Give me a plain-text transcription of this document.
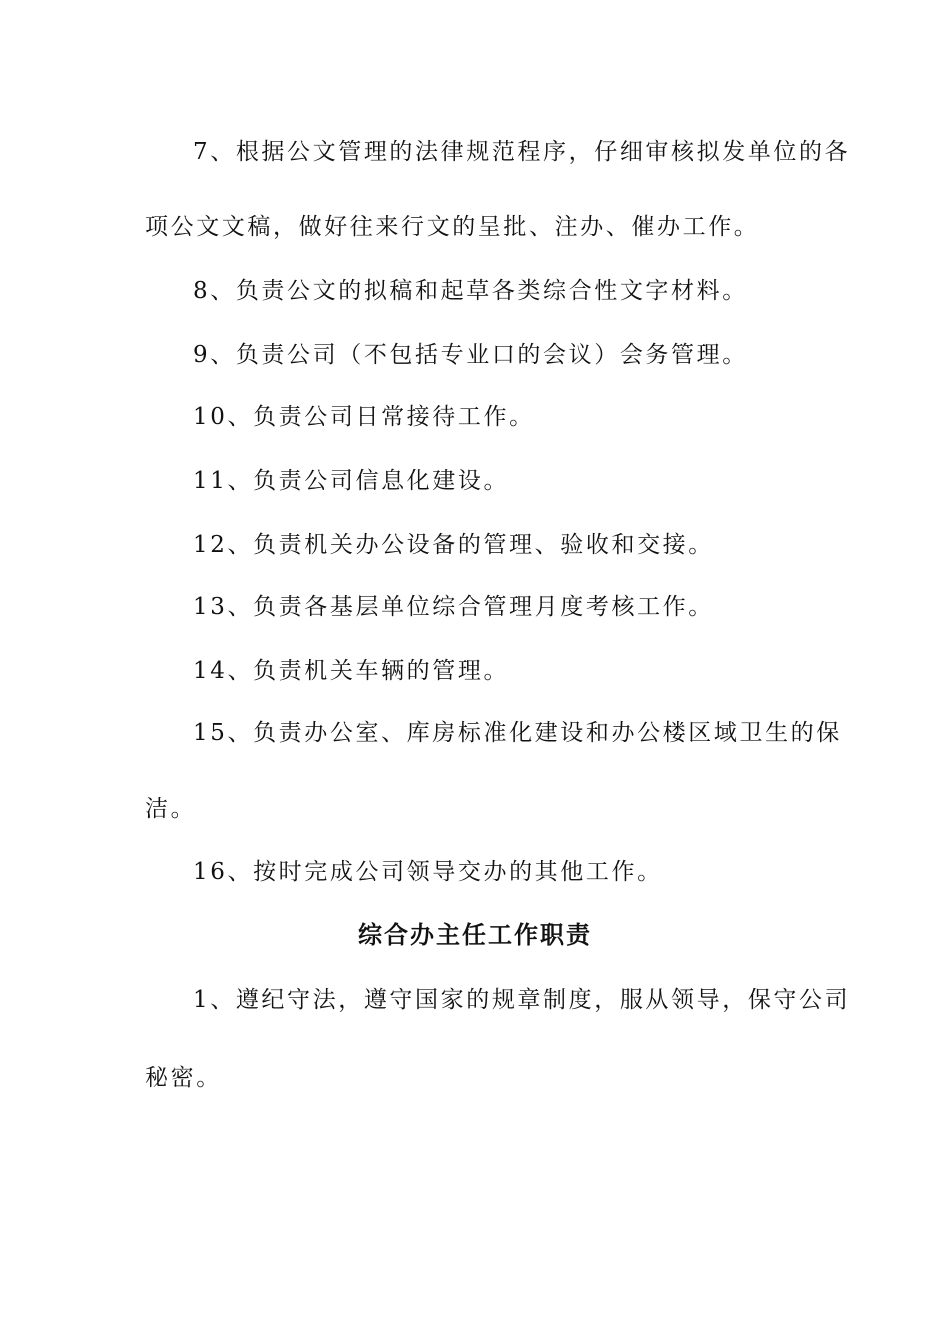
7、根据公文管理的法律规范程序，仔细审核拟发单位的各
项公文文稿，做好往来行文的呈批、注办、催办工作。
8、负责公文的拟稿和起草各类综合性文字材料。
9、负责公司（不包括专业口的会议）会务管理。
10、负责公司日常接待工作。
11、负责公司信息化建设。
12、负责机关办公设备的管理、验收和交接。
13、负责各基层单位综合管理月度考核工作。
14、负责机关车辆的管理。
15、负责办公室、库房标准化建设和办公楼区域卫生的保
洁。
16、按时完成公司领导交办的其他工作。
综合办主任工作职责
1、遵纪守法，遵守国家的规章制度，服从领导，保守公司
秘密。
